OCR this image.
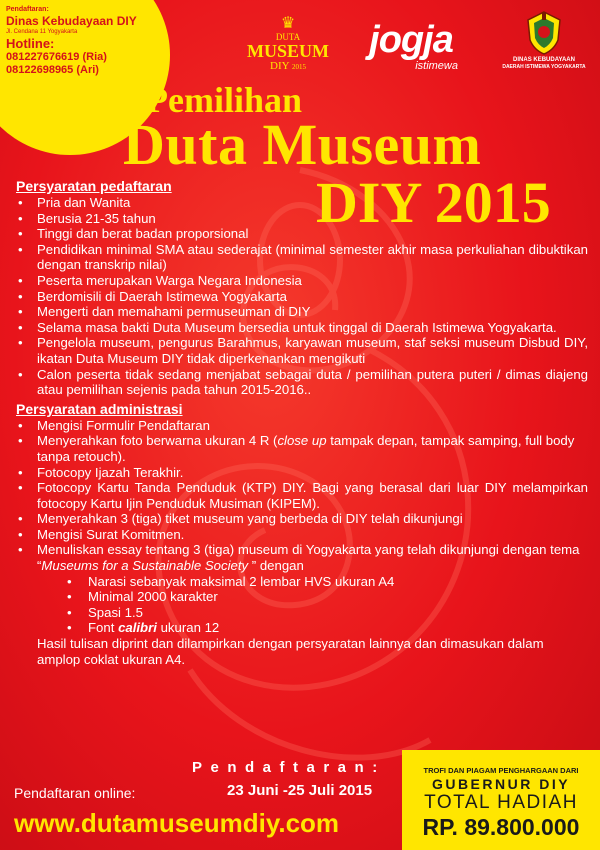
Pendaftaran:
Dinas Kebudayaan DIY
Jl. Cendana 11 Yogyakarta
Hotline:
081227676619 (Ria)
08122698965 (Ari)
♛
DUTA
MUSEUM
DIY 2015
jogja
istimewa	DINAS KEBUDAYAAN
DAERAH ISTIMEWA YOGYAKARTA
Pemilihan
Duta Museum
DIY 2015
Persyaratan pedaftaran
• Pria dan Wanita
• Berusia 21-35 tahun
• Tinggi dan berat badan proporsional
• Pendidikan minimal SMA atau sederajat (minimal semester akhir masa perkuliahan dibuktikan dengan transkrip nilai)
• Peserta merupakan Warga Negara Indonesia
• Berdomisili di Daerah Istimewa Yogyakarta
• Mengerti dan memahami permuseuman di DIY
• Selama masa bakti Duta Museum bersedia untuk tinggal di Daerah Istimewa Yogyakarta.
• Pengelola museum, pengurus Barahmus, karyawan museum, staf seksi museum Disbud DIY, ikatan Duta Museum DIY tidak diperkenankan mengikuti
• Calon peserta tidak sedang menjabat sebagai duta / pemilihan putera puteri / dimas diajeng atau pemilihan sejenis pada tahun 2015-2016..
Persyaratan administrasi
• Mengisi Formulir Pendaftaran
• Menyerahkan foto berwarna ukuran 4 R (close up tampak depan, tampak samping, full body tanpa retouch).
• Fotocopy Ijazah Terakhir.
• Fotocopy Kartu Tanda Penduduk (KTP) DIY. Bagi yang berasal dari luar DIY melampirkan fotocopy Kartu Ijin Penduduk Musiman (KIPEM).
• Menyerahkan 3 (tiga) tiket museum yang berbeda di DIY telah dikunjungi
• Mengisi Surat Komitmen.
• Menuliskan essay tentang 3 (tiga) museum di Yogyakarta yang telah dikunjungi dengan tema “Museums for a Sustainable Society ” dengan
• Narasi sebanyak maksimal 2 lembar HVS ukuran A4
• Minimal 2000 karakter
• Spasi 1.5
• Font calibri ukuran 12
Hasil tulisan diprint dan dilampirkan dengan persyaratan lainnya dan dimasukan dalam amplop coklat ukuran A4.
Pendaftaran:
Pendaftaran online:	23 Juni -25 Juli 2015
www.dutamuseumdiy.com
TROFI DAN PIAGAM PENGHARGAAN DARI
GUBERNUR DIY
TOTAL HADIAH
RP. 89.800.000
